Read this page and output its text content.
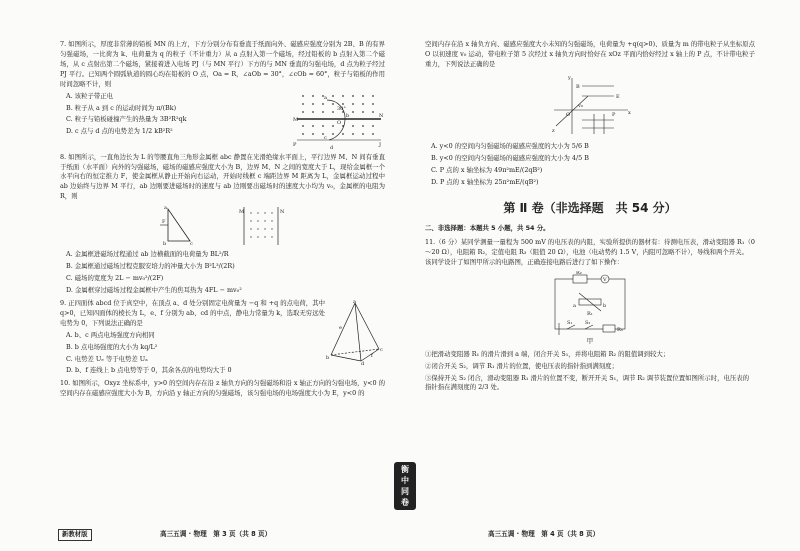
7. 如图所示，厚度非常薄的铅板 MN 的上方，下方分别分布有垂直于纸面向外、磁感应强度分别为 2B、B 的有界匀强磁场，一比荷为 k、电荷量为 q 的粒子（不计重力）从 a 点射入第一个磁场，经过铅板的 b 点射入第二个磁场，从 c 点射出第二个磁场，紧接着进入电场 PJ（与 MN 平行）下方的与 MN 垂直的匀强电场，d 点为粒子经过 PJ 平行。已知两个圆弧轨道的圆心均在铅板的 O 点，Oa = R，∠aOb = 30°，∠cOb = 60°，粒子与铅板的作用时间忽略不计，则

A. 该粒子带正电
B. 粒子从 a 到 c 的运动时间为 π/(Bk)
C. 粒子与铅板碰撞产生的热量为 3B²R²qk
D. c 点与 d 点的电势差为 1/2 kB²R²
M
N
P	J
O
a
b
c
d
30°

8. 如图所示，一直角边长为 L 的等腰直角三角形金属框 abc 静置在光滑绝缘水平面上，平行边界 M、N 间有垂直于纸面（水平面）向外的匀强磁场，磁场的磁感应强度大小为 B，边界 M、N 之间的宽度大于 L，现给金属框一个水平向右的恒定推力 F，使金属框从静止开始向右运动，开始时线框 c 端距边界 M 距离为 L，金属框运动过程中 ab 边始终与边界 M 平行，ab 边刚要进磁场时的速度与 ab 边刚要出磁场时的速度大小均为 v₀，金属框的电阻为 R，则

F
a
b	c
M	N
A. 金属框进磁场过程通过 ab 边横截面的电荷量为 BL²/R
B. 金属框通过磁场过程克服安培力的冲量大小为 B²L³/(2R)
C. 磁场的宽度为 2L − mv₀²/(2F)
D. 金属框穿过磁场过程金属框中产生的焦耳热为 4FL − mv₀²

9. 正四面体 abcd 位于真空中，在顶点 a、d 处分别固定电荷量为 −q 和 +q 的点电荷，其中 q>0，已知四面体的棱长为 L，e、f 分别为 ab、cd 的中点，静电力常量为 k，选取无穷远处电势为 0，下列说法正确的是

A. b、c 两点电场强度方向相同
B. b 点电场强度的大小为 kq/L²
C. 电势差 Uₑ 等于电势差 Uₐ
D. b、f 连线上 b 点电势等于 0，其余各点的电势均大于 0
a
b
c
d
e
f

10. 如图所示，Oxyz 坐标系中，y>0 的空间内存在沿 z 轴负方向的匀强磁场和沿 x 轴正方向的匀强电场，y<0 的空间内存在磁感应强度大小为 B，方向沿 y 轴正方向的匀强磁场，该匀强电场的电场强度大小为 E，y<0 的

新教材版	高三五调 · 物理　第 3 页（共 8 页）
衡
中
同
卷

空间内存在沿 x 轴负方向、磁感应强度大小未知的匀强磁场，电荷量为 +q(q>0)、质量为 m 的带电粒子从坐标原点 O 以初速度 v₀ 运动，带电粒子第 5 次经过 x 轴负方向时恰好在 xOz 平面内恰好经过 x 轴上的 P 点，不计带电粒子重力，下列说法正确的是

y
x
z
O
B
E
P
v₀
A. y<0 的空间内匀强磁场的磁感应强度的大小为 5/6 B
B. y<0 的空间内匀强磁场的磁感应强度的大小为 4/5 B
C. P 点的 x 轴坐标为 49π²mE/(2qB²)
D. P 点的 x 轴坐标为 25π²mE/(qB²)
第 Ⅱ 卷（非选择题　共 54 分）
二、非选择题：本题共 5 小题，共 54 分。

11.（6 分）某同学测量一量程为 500 mV 的电压表的内阻，实验所提供的器材有：待测电压表，滑动变阻器 R₁（0～20 Ω），电阻箱 R₂，定值电阻 R₃（阻值 20 Ω），电池（电动势约 1.5 V，内阻可忽略不计），导线和两个开关。

该同学设计了如图甲所示的电路图，正确连接电路后进行了如下操作：

V
R₂
R₁
R₃
S₁	S₂
a	b
甲
①把滑动变阻器 R₁ 的滑片滑到 a 端，闭合开关 S₁，并将电阻箱 R₂ 的阻值调到较大；
②闭合开关 S₂，调节 R₁ 滑片的位置，使电压表的指针指到满刻度；
③保持开关 S₂ 闭合，滑动变阻器 R₁ 滑片的位置不变，断开开关 S₁，调节 R₂ 调节装置位置如图所示时，电压表的指针指在满刻度的 2/3 处。
高三五调 · 物理　第 4 页（共 8 页）
